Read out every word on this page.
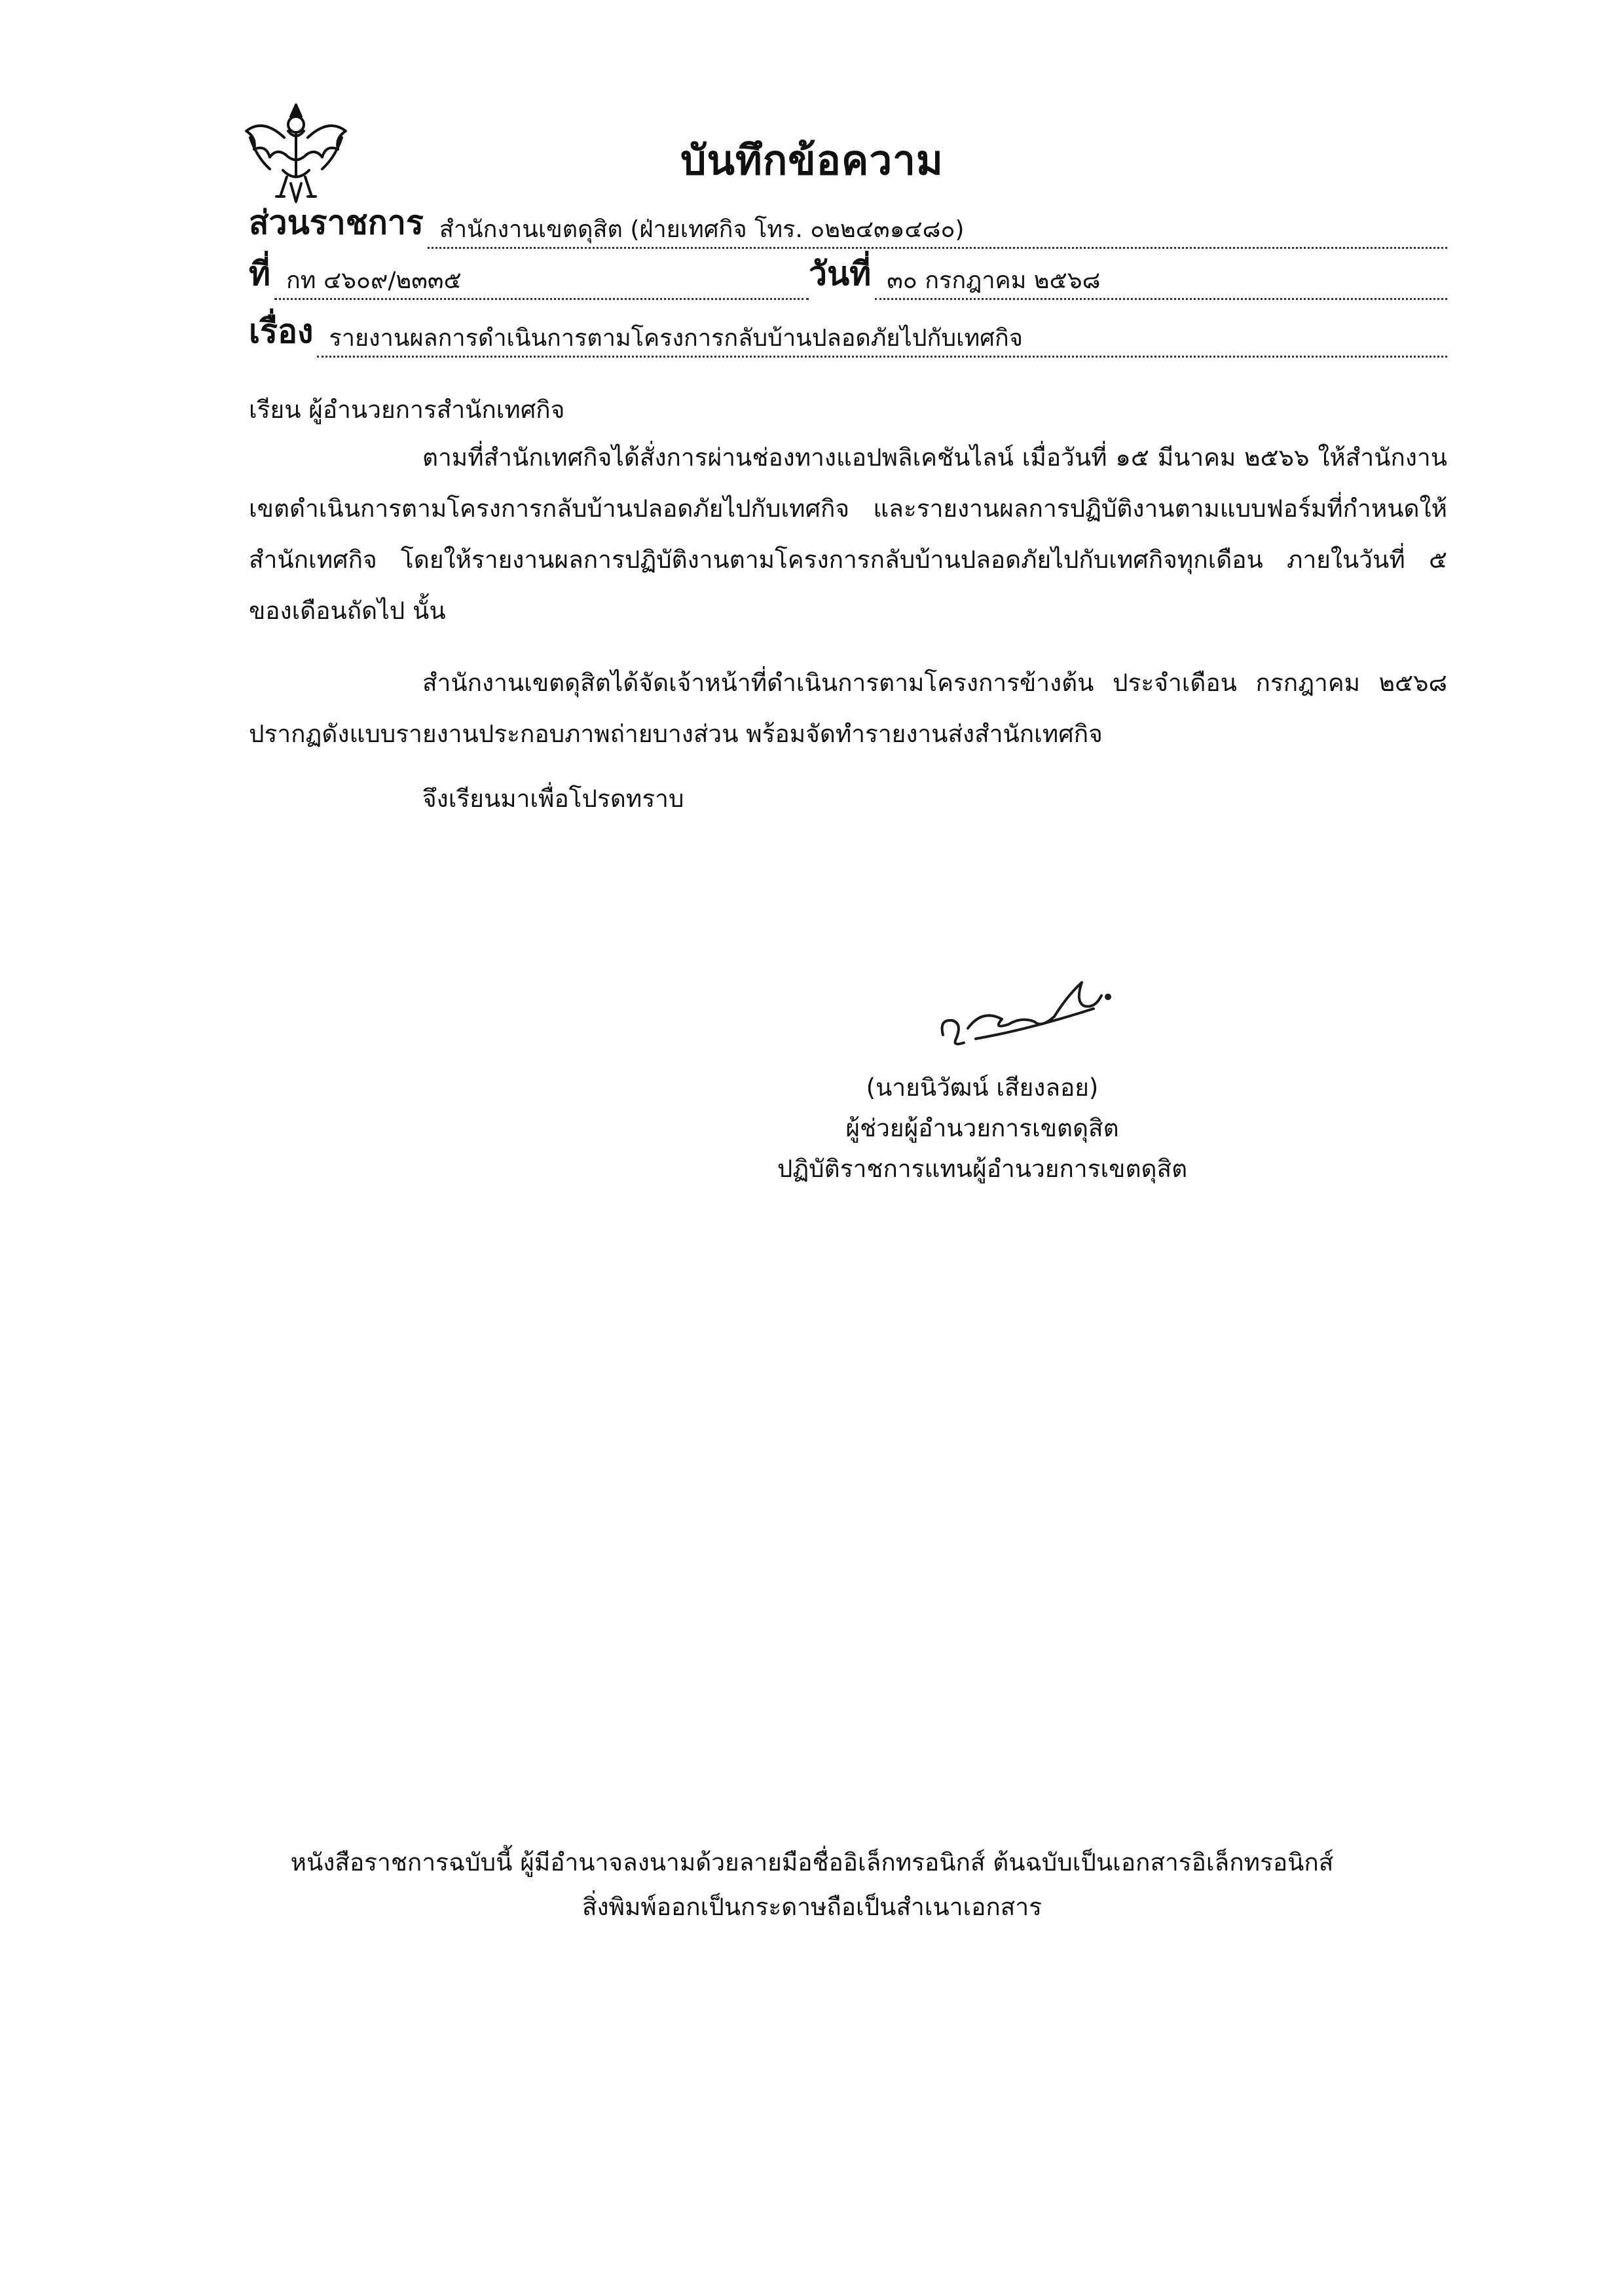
บันทึกข้อความ
ส่วนราชการ สำนักงานเขตดุสิต (ฝ่ายเทศกิจ โทร. ๐๒๒๔๓๑๔๘๐)
ที่ กท ๔๖๐๙/๒๓๓๕	วันที่ ๓๐ กรกฎาคม ๒๕๖๘
เรื่อง รายงานผลการดำเนินการตามโครงการกลับบ้านปลอดภัยไปกับเทศกิจ
เรียน ผู้อำนวยการสำนักเทศกิจ

ตามที่สำนักเทศกิจได้สั่งการผ่านช่องทางแอปพลิเคชันไลน์ เมื่อวันที่ ๑๕ มีนาคม ๒๕๖๖ ให้สำนักงานเขตดำเนินการตามโครงการกลับบ้านปลอดภัยไปกับเทศกิจ และรายงานผลการปฏิบัติงานตามแบบฟอร์มที่กำหนดให้สำนักเทศกิจ โดยให้รายงานผลการปฏิบัติงานตามโครงการกลับบ้านปลอดภัยไปกับเทศกิจทุกเดือน ภายในวันที่ ๕ ของเดือนถัดไป นั้น

สำนักงานเขตดุสิตได้จัดเจ้าหน้าที่ดำเนินการตามโครงการข้างต้น ประจำเดือน กรกฎาคม ๒๕๖๘ ปรากฏดังแบบรายงานประกอบภาพถ่ายบางส่วน พร้อมจัดทำรายงานส่งสำนักเทศกิจ

จึงเรียนมาเพื่อโปรดทราบ
(นายนิวัฒน์ เสียงลอย)
ผู้ช่วยผู้อำนวยการเขตดุสิต
ปฏิบัติราชการแทนผู้อำนวยการเขตดุสิต
หนังสือราชการฉบับนี้ ผู้มีอำนาจลงนามด้วยลายมือชื่ออิเล็กทรอนิกส์ ต้นฉบับเป็นเอกสารอิเล็กทรอนิกส์
สิ่งพิมพ์ออกเป็นกระดาษถือเป็นสำเนาเอกสาร
